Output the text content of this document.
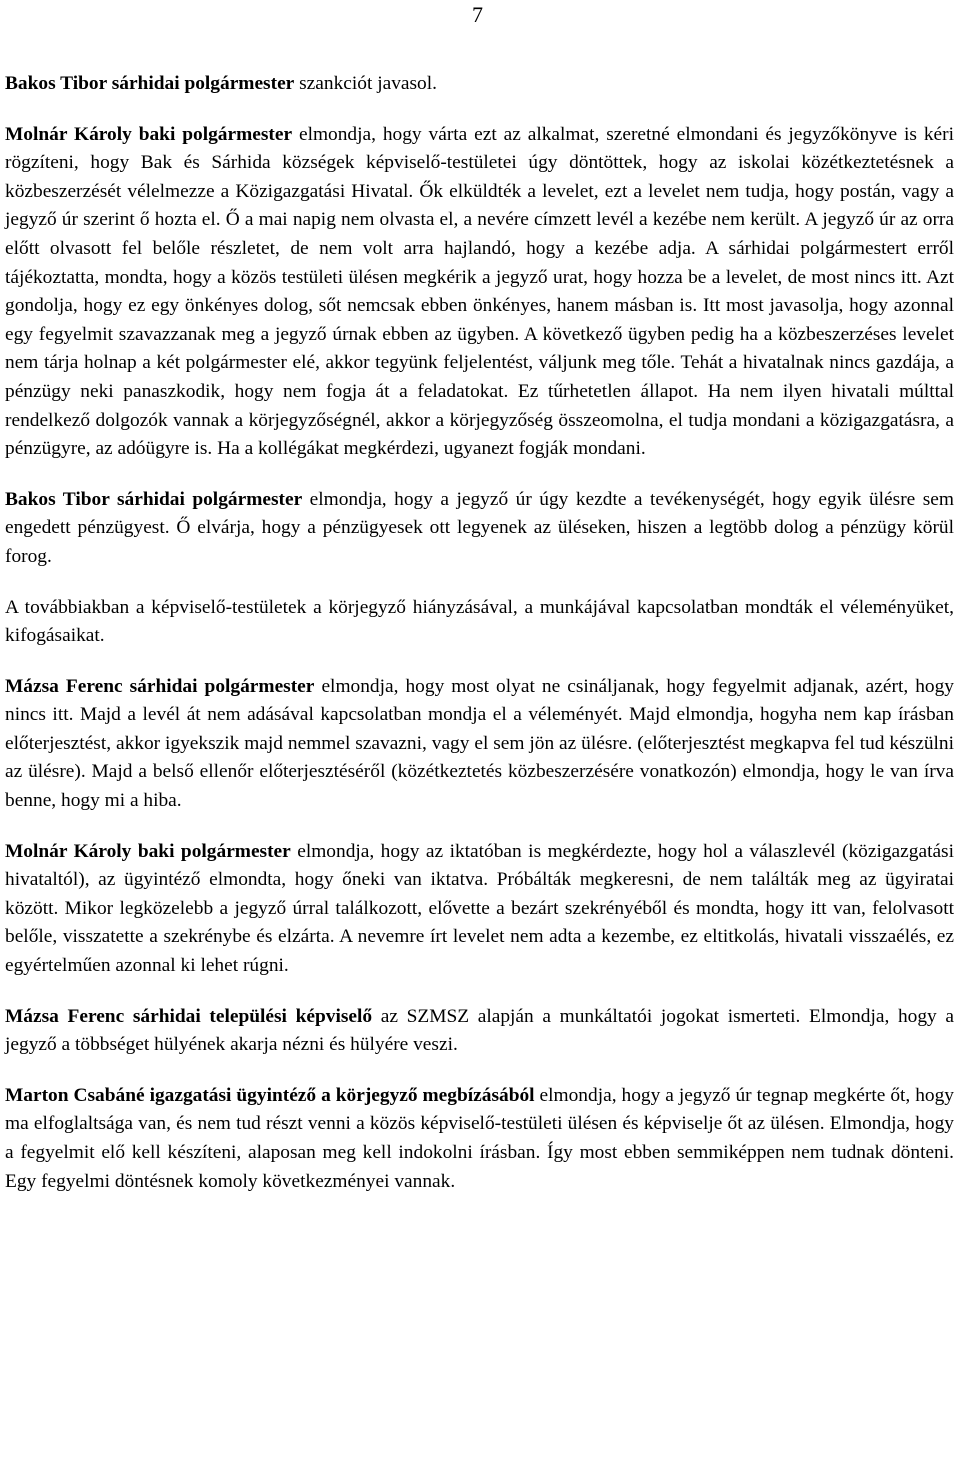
7

Bakos Tibor sárhidai polgármester szankciót javasol.

Molnár Károly baki polgármester elmondja, hogy várta ezt az alkalmat, szeretné elmondani és jegyzőkönyve is kéri rögzíteni, hogy Bak és Sárhida községek képviselő-testületei úgy döntöttek, hogy az iskolai közétkeztetésnek a közbeszerzését vélelmezze a Közigazgatási Hivatal. Ők elküldték a levelet, ezt a levelet nem tudja, hogy postán, vagy a jegyző úr szerint ő hozta el. Ő a mai napig nem olvasta el, a nevére címzett levél a kezébe nem került. A jegyző úr az orra előtt olvasott fel belőle részletet, de nem volt arra hajlandó, hogy a kezébe adja. A sárhidai polgármestert erről tájékoztatta, mondta, hogy a közös testületi ülésen megkérik a jegyző urat, hogy hozza be a levelet, de most nincs itt. Azt gondolja, hogy ez egy önkényes dolog, sőt nemcsak ebben önkényes, hanem másban is. Itt most javasolja, hogy azonnal egy fegyelmit szavazzanak meg a jegyző úrnak ebben az ügyben. A következő ügyben pedig ha a közbeszerzéses levelet nem tárja holnap a két polgármester elé, akkor tegyünk feljelentést, váljunk meg tőle. Tehát a hivatalnak nincs gazdája, a pénzügy neki panaszkodik, hogy nem fogja át a feladatokat. Ez tűrhetetlen állapot. Ha nem ilyen hivatali múlttal rendelkező dolgozók vannak a körjegyzőségnél, akkor a körjegyzőség összeomolna, el tudja mondani a közigazgatásra, a pénzügyre, az adóügyre is. Ha a kollégákat megkérdezi, ugyanezt fogják mondani.

Bakos Tibor sárhidai polgármester elmondja, hogy a jegyző úr úgy kezdte a tevékenységét, hogy egyik ülésre sem engedett pénzügyest. Ő elvárja, hogy a pénzügyesek ott legyenek az üléseken, hiszen a legtöbb dolog a pénzügy körül forog.

A továbbiakban a képviselő-testületek a körjegyző hiányzásával, a munkájával kapcsolatban mondták el véleményüket, kifogásaikat.

Mázsa Ferenc sárhidai polgármester elmondja, hogy most olyat ne csináljanak, hogy fegyelmit adjanak, azért, hogy nincs itt. Majd a levél át nem adásával kapcsolatban mondja el a véleményét. Majd elmondja, hogyha nem kap írásban előterjesztést, akkor igyekszik majd nemmel szavazni, vagy el sem jön az ülésre. (előterjesztést megkapva fel tud készülni az ülésre). Majd a belső ellenőr előterjesztéséről (közétkeztetés közbeszerzésére vonatkozón) elmondja, hogy le van írva benne, hogy mi a hiba.

Molnár Károly baki polgármester elmondja, hogy az iktatóban is megkérdezte, hogy hol a válaszlevél (közigazgatási hivataltól), az ügyintéző elmondta, hogy őneki van iktatva. Próbálták megkeresni, de nem találták meg az ügyiratai között. Mikor legközelebb a jegyző úrral találkozott, elővette a bezárt szekrényéből és mondta, hogy itt van, felolvasott belőle, visszatette a szekrénybe és elzárta. A nevemre írt levelet nem adta a kezembe, ez eltitkolás, hivatali visszaélés, ez egyértelműen azonnal ki lehet rúgni.

Mázsa Ferenc sárhidai települési képviselő az SZMSZ alapján a munkáltatói jogokat ismerteti. Elmondja, hogy a jegyző a többséget hülyének akarja nézni és hülyére veszi.

Marton Csabáné igazgatási ügyintéző a körjegyző megbízásából elmondja, hogy a jegyző úr tegnap megkérte őt, hogy ma elfoglaltsága van, és nem tud részt venni a közös képviselő-testületi ülésen és képviselje őt az ülésen. Elmondja, hogy a fegyelmit elő kell készíteni, alaposan meg kell indokolni írásban. Így most ebben semmiképpen nem tudnak dönteni. Egy fegyelmi döntésnek komoly következményei vannak.
